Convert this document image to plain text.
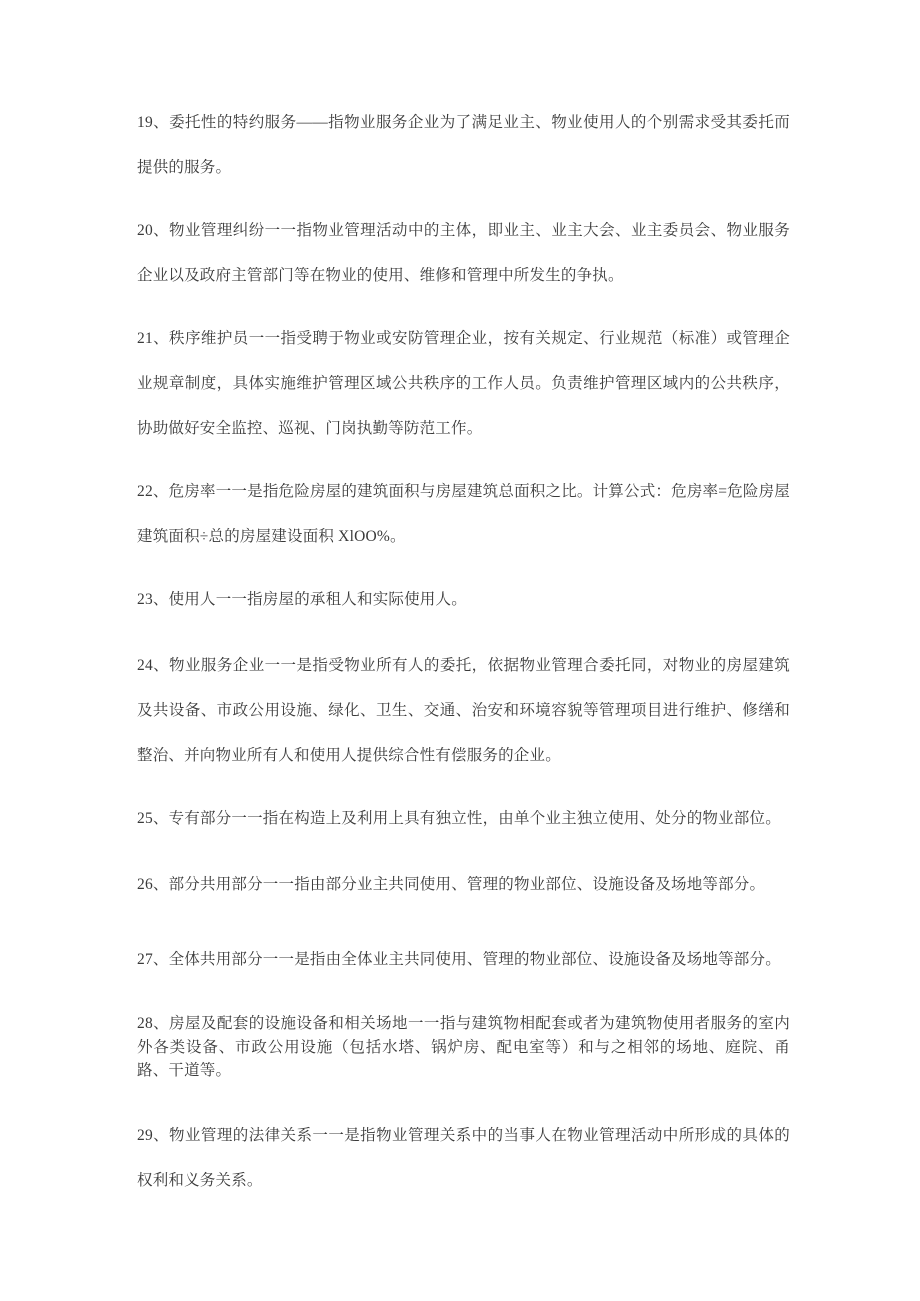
19、委托性的特约服务——指物业服务企业为了满足业主、物业使用人的个别需求受其委托而提供的服务。

20、物业管理纠纷一一指物业管理活动中的主体，即业主、业主大会、业主委员会、物业服务企业以及政府主管部门等在物业的使用、维修和管理中所发生的争执。

21、秩序维护员一一指受聘于物业或安防管理企业，按有关规定、行业规范（标准）或管理企业规章制度，具体实施维护管理区域公共秩序的工作人员。负责维护管理区域内的公共秩序，协助做好安全监控、巡视、门岗执勤等防范工作。

22、危房率一一是指危险房屋的建筑面积与房屋建筑总面积之比。计算公式：危房率=危险房屋建筑面积÷总的房屋建设面积 XlOO%。

23、使用人一一指房屋的承租人和实际使用人。

24、物业服务企业一一是指受物业所有人的委托，依据物业管理合委托同，对物业的房屋建筑及共设备、市政公用设施、绿化、卫生、交通、治安和环境容貌等管理项目进行维护、修缮和整治、并向物业所有人和使用人提供综合性有偿服务的企业。

25、专有部分一一指在构造上及利用上具有独立性，由单个业主独立使用、处分的物业部位。

26、部分共用部分一一指由部分业主共同使用、管理的物业部位、设施设备及场地等部分。

27、全体共用部分一一是指由全体业主共同使用、管理的物业部位、设施设备及场地等部分。

28、房屋及配套的设施设备和相关场地一一指与建筑物相配套或者为建筑物使用者服务的室内外各类设备、市政公用设施（包括水塔、锅炉房、配电室等）和与之相邻的场地、庭院、甬路、干道等。

29、物业管理的法律关系一一是指物业管理关系中的当事人在物业管理活动中所形成的具体的权利和义务关系。
